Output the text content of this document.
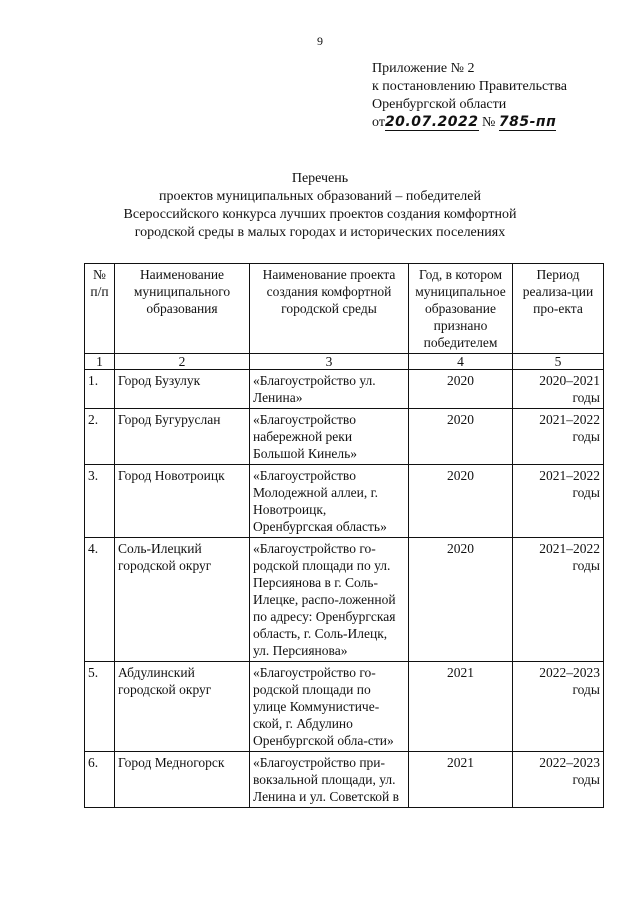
9
Приложение № 2
к постановлению Правительства
Оренбургской области
от20.07.2022 № 785-пп
Перечень
проектов муниципальных образований – победителей
Всероссийского конкурса лучших проектов создания комфортной
городской среды в малых городах и исторических поселениях
№ п/п	Наименование муниципального образования	Наименование проекта создания комфортной городской среды	Год, в котором муниципальное образование признано победителем	Период реализа-ции про-екта
1	2	3	4	5
1.	Город Бузулук	«Благоустройство ул. Ленина»	2020	2020–2021 годы
2.	Город Бугуруслан	«Благоустройство набережной реки Большой Кинель»	2020	2021–2022 годы
3.	Город Новотроицк	«Благоустройство Молодежной аллеи, г. Новотроицк, Оренбургская область»	2020	2021–2022 годы
4.	Соль-Илецкий городской округ	«Благоустройство го-родской площади по ул. Персиянова в г. Соль-Илецке, распо-ложенной по адресу: Оренбургская область, г. Соль-Илецк, ул. Персиянова»	2020	2021–2022 годы
5.	Абдулинский городской округ	«Благоустройство го-родской площади по улице Коммунистиче-ской, г. Абдулино Оренбургской обла-сти»	2021	2022–2023 годы
6.	Город Медногорск	«Благоустройство при-вокзальной площади, ул. Ленина и ул. Советской в	2021	2022–2023 годы
